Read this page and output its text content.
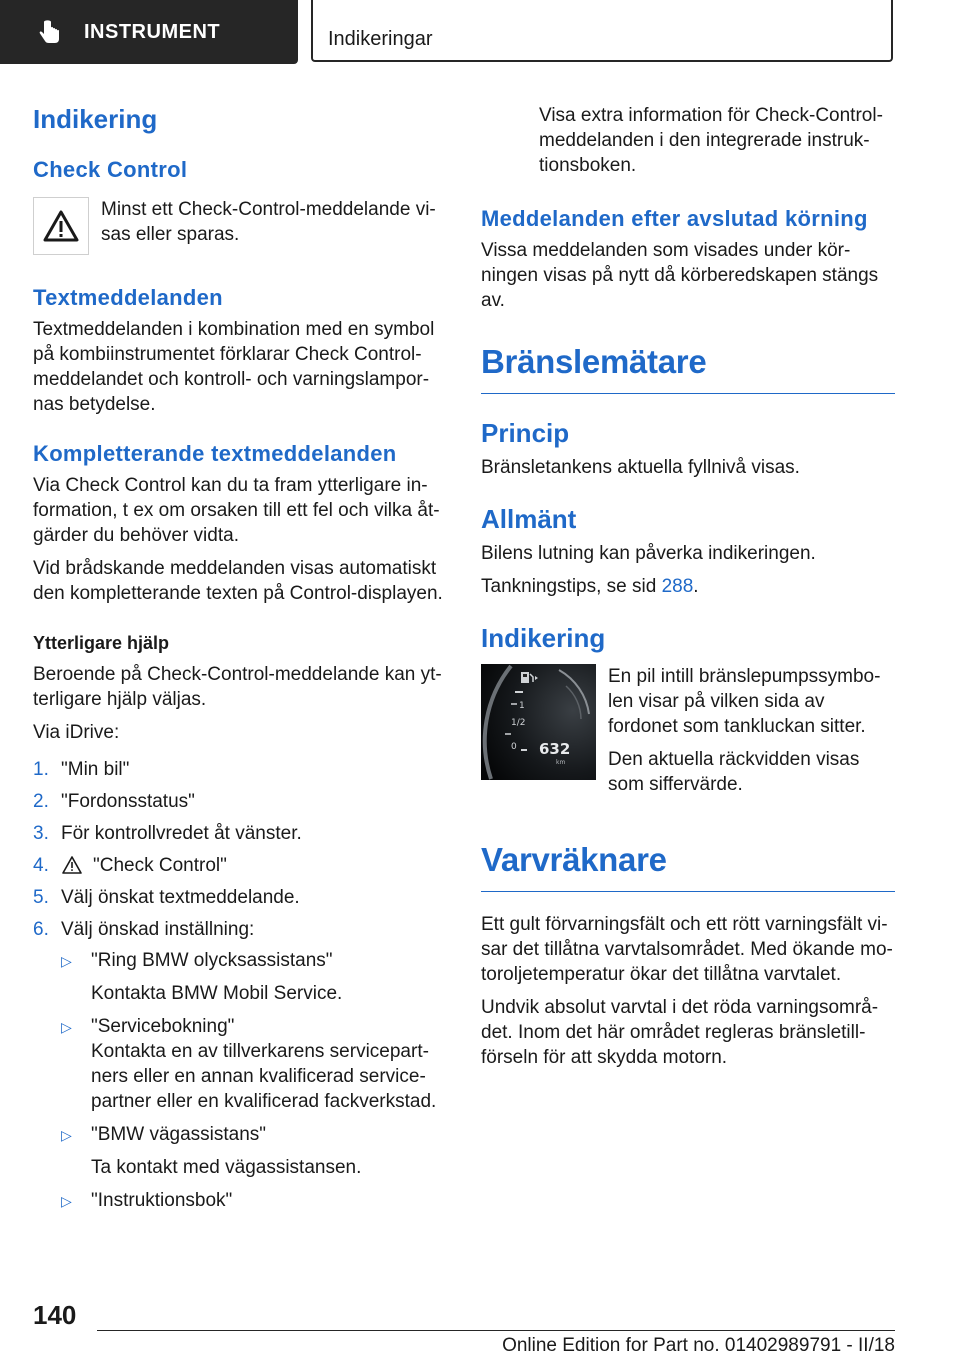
INSTRUMENT	Indikeringar
Indikering
Check Control

Minst ett Check-Control-meddelande vi-sas eller sparas.

Textmeddelanden

Textmeddelanden i kombination med en symbol på kombiinstrumentet förklarar Check Control-meddelandet och kontroll- och varningslampor-nas betydelse.

Kompletterande textmeddelanden

Via Check Control kan du ta fram ytterligare in-formation, t ex om orsaken till ett fel och vilka åt-gärder du behöver vidta.

Vid brådskande meddelanden visas automatiskt den kompletterande texten på Control-displayen.

Ytterligare hjälp

Beroende på Check-Control-meddelande kan yt-terligare hjälp väljas.

Via iDrive:

1. "Min bil"
2. "Fordonsstatus"
3. För kontrollvredet åt vänster.
4.	"Check Control"
5. Välj önskat textmeddelande.
6. Välj önskad inställning:
▷	"Ring BMW olycksassistans"
Kontakta BMW Mobil Service.
▷	"Servicebokning"
Kontakta en av tillverkarens servicepart-ners eller en annan kvalificerad service-partner eller en kvalificerad fackverkstad.
▷	"BMW vägassistans"
Ta kontakt med vägassistansen.
▷	"Instruktionsbok"

Visa extra information för Check-Control-meddelanden i den integrerade instruk-tionsboken.

Meddelanden efter avslutad körning

Vissa meddelanden som visades under kör-ningen visas på nytt då körberedskapen stängs av.

Bränslemätare
Princip

Bränsletankens aktuella fyllnivå visas.

Allmänt

Bilens lutning kan påverka indikeringen.

Tankningstips, se sid 288.

Indikering
1
1/2
0 632
km

En pil intill bränslepumpssymbo-len visar på vilken sida av fordonet som tankluckan sitter.

Den aktuella räckvidden visas som siffervärde.

Varvräknare

Ett gult förvarningsfält och ett rött varningsfält vi-sar det tillåtna varvtalsområdet. Med ökande mo-toroljetemperatur ökar det tillåtna varvtalet.

Undvik absolut varvtal i det röda varningsområ-det. Inom det här området regleras bränsletill-förseln för att skydda motorn.

140
Online Edition for Part no. 01402989791 - II/18
